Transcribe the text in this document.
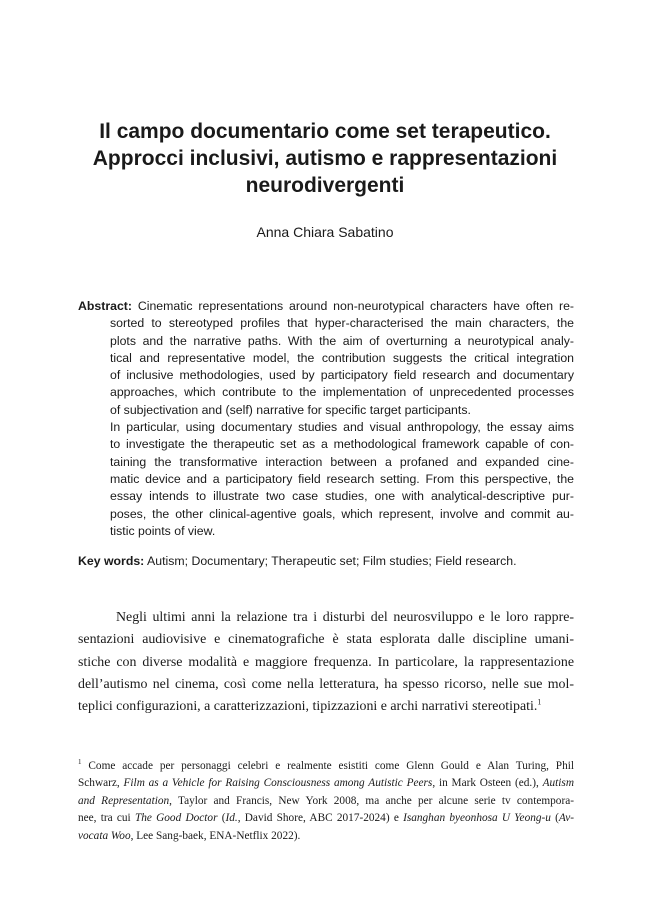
Il campo documentario come set terapeutico.
Approcci inclusivi, autismo e rappresentazioni
neurodivergenti
Anna Chiara Sabatino
Abstract: Cinematic representations around non-neurotypical characters have often re-
sorted to stereotyped profiles that hyper-characterised the main characters, the
plots and the narrative paths. With the aim of overturning a neurotypical analy-
tical and representative model, the contribution suggests the critical integration
of inclusive methodologies, used by participatory field research and documentary
approaches, which contribute to the implementation of unprecedented processes
of subjectivation and (self) narrative for specific target participants.
In particular, using documentary studies and visual anthropology, the essay aims
to investigate the therapeutic set as a methodological framework capable of con-
taining the transformative interaction between a profaned and expanded cine-
matic device and a participatory field research setting. From this perspective, the
essay intends to illustrate two case studies, one with analytical-descriptive pur-
poses, the other clinical-agentive goals, which represent, involve and commit au-
tistic points of view.
Key words: Autism; Documentary; Therapeutic set; Film studies; Field research.
Negli ultimi anni la relazione tra i disturbi del neurosviluppo e le loro rappre-
sentazioni audiovisive e cinematografiche è stata esplorata dalle discipline umani-
stiche con diverse modalità e maggiore frequenza. In particolare, la rappresentazione
dell’autismo nel cinema, così come nella letteratura, ha spesso ricorso, nelle sue mol-
teplici configurazioni, a caratterizzazioni, tipizzazioni e archi narrativi stereotipati.$^1$
$^1$ Come accade per personaggi celebri e realmente esistiti come Glenn Gould e Alan Turing, Phil
Schwarz, Film as a Vehicle for Raising Consciousness among Autistic Peers, in Mark Osteen (ed.), Autism
and Representation, Taylor and Francis, New York 2008, ma anche per alcune serie tv contempora-
nee, tra cui The Good Doctor (Id., David Shore, ABC 2017-2024) e Isanghan byeonhosa U Yeong-u (Av-
vocata Woo, Lee Sang-baek, ENA-Netflix 2022).
